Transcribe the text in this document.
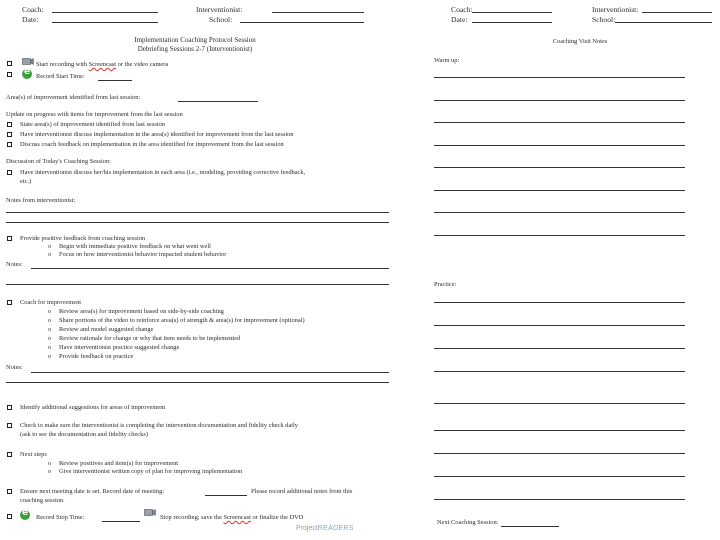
Coach:
Date:
Interventionist:
School:
Implementation Coaching Protocol Session
Debriefing Sessions 2-7 (Interventionist)
Start recording with Screencast or the video camera
e
Record Start Time:
Area(s) of improvement identified from last session:
Update on progress with items for improvement from the last session
State area(s) of improvement identified from last session
Have interventionist discuss implementation in the area(s) identified for improvement from the last session
Discuss coach feedback on implementation in the area identified for improvement from the last session
Discussion of Today's Coaching Session:
Have interventionist discuss her/his implementation in each area (i.e., modeling, providing corrective feedback,
etc.)
Notes from interventionist:
Provide positive feedback from coaching session
o Begin with immediate positive feedback on what went well
o Focus on how interventionist behavior impacted student behavior
Notes:
Coach for improvement
o Review area(s) for improvement based on side-by-side coaching
o Share portions of the video to reinforce area(s) of strength & area(s) for improvement (optional)
o Review and model suggested change
o Review rationale for change or why that item needs to be implemented
o Have interventionist practice suggested change
o Provide feedback on practice
Notes:
Identify additional suggestions for areas of improvement
Check to make sure the interventionist is completing the intervention documentation and fidelity check daily
(ask to see the documentation and fidelity checks)
Next steps
o Review positives and item(s) for improvement
o Give interventionist written copy of plan for improving implementation
Ensure next meeting date is set. Record date of meeting:	Please record additional notes from this
coaching session.
e
Record Stop Time:	Stop recording; save the Screencast or finalize the DVD
ProjectREADERS
Coach:
Date:
Interventionist:
School:
Coaching Visit Notes
Warm up:
Practice:
Next Coaching Session:
